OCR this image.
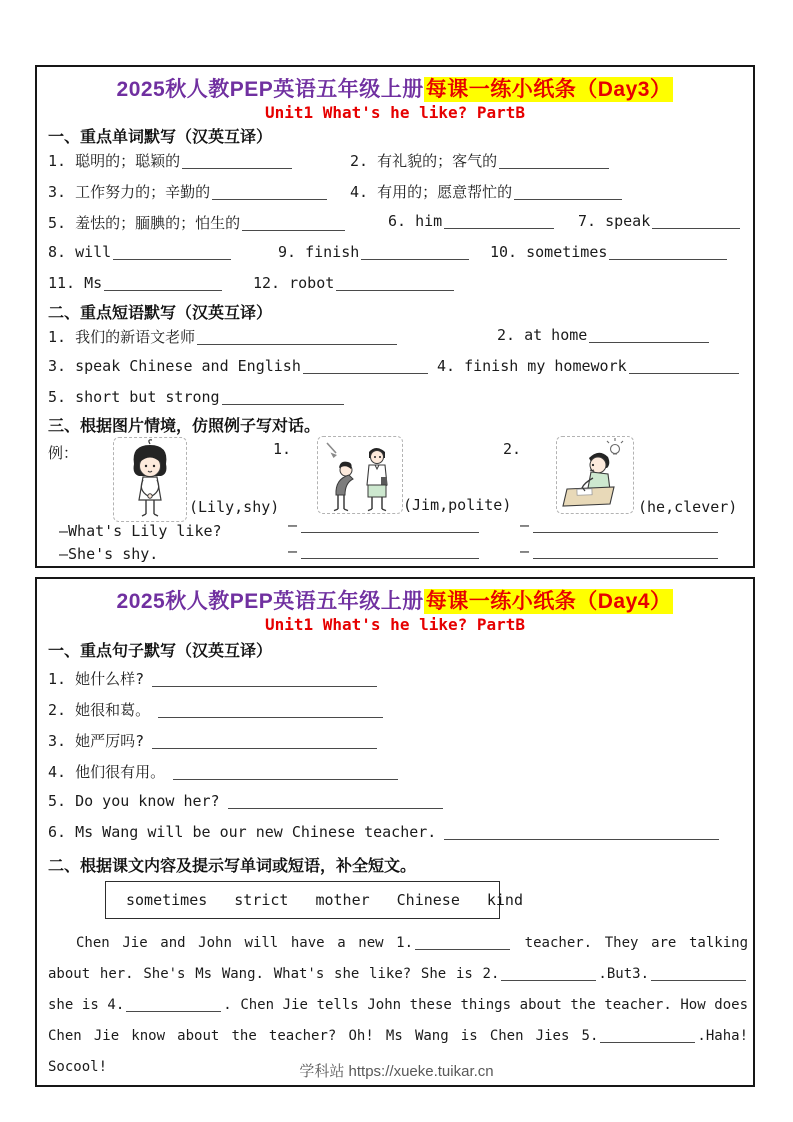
2025秋人教PEP英语五年级上册每课一练小纸条（Day3）
Unit1 What's he like? PartB
一、重点单词默写（汉英互译）
1. 聪明的；聪颖的	2. 有礼貌的；客气的
3. 工作努力的；辛勤的	4. 有用的；愿意帮忙的
5. 羞怯的；腼腆的；怕生的	6. him	7. speak
8. will	9. finish	10. sometimes
11. Ms	12. robot
二、重点短语默写（汉英互译）
1. 我们的新语文老师	2. at home
3. speak Chinese and English	4. finish my homework
5. short but strong
三、根据图片情境，仿照例子写对话。
例：
(Lily,shy)
—What's Lily like?
—She's shy.
1.
(Jim,polite)
—
—
2.
(he,clever)
—
—
2025秋人教PEP英语五年级上册每课一练小纸条（Day4）
Unit1 What's he like? PartB
一、重点句子默写（汉英互译）
1. 她什么样?
2. 她很和葛。
3. 她严厉吗?
4. 他们很有用。
5. Do you know her?
6. Ms Wang will be our new Chinese teacher.
二、根据课文内容及提示写单词或短语，补全短文。
sometimes strict mother Chinese kind
Chen Jie and John will have a new 1.	teacher. They are talking about her. She's Ms Wang. What's she like? She is 2.	.But3.she is 4.	. Chen Jie tells John these things about the teacher. How does Chen Jie know about the teacher? Oh! Ms Wang is Chen Jies 5.	.Haha! Socool!	学科站 https://xueke.tuikar.cn
